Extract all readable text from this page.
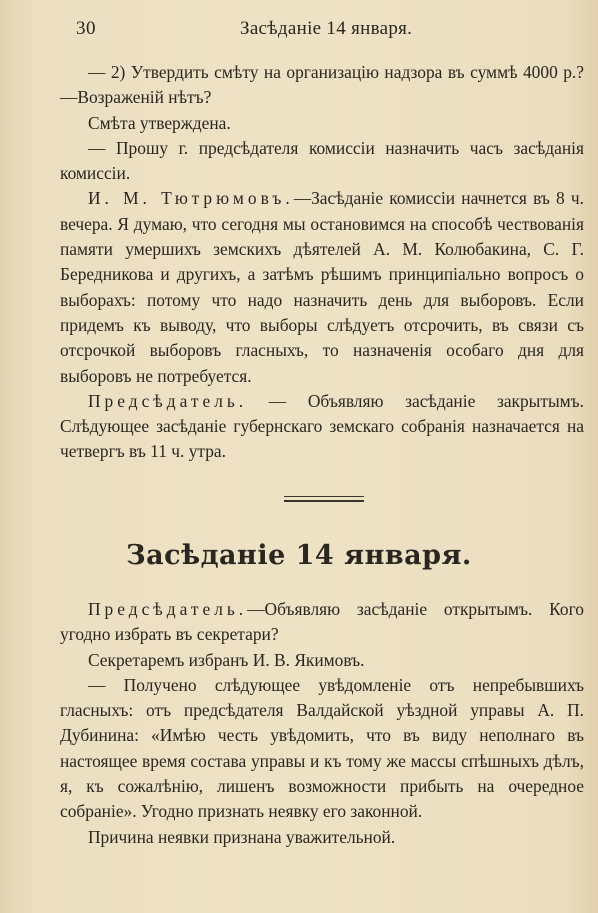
30	Засѣданіе 14 января.

— 2) Утвердить смѣту на организацію надзора въ суммѣ 4000 р.?—Возраженій нѣтъ?

Смѣта утверждена.

— Прошу г. предсѣдателя комиссіи назначить часъ засѣданія комиссіи.

И. М. Тютрюмовъ.—Засѣданіе комиссіи начнется въ 8 ч. вечера. Я думаю, что сегодня мы остановимся на способѣ чествованія памяти умершихъ земскихъ дѣятелей А. М. Колюбакина, С. Г. Бередникова и другихъ, а затѣмъ рѣшимъ принципіально вопросъ о выборахъ: потому что надо назначить день для выборовъ. Если придемъ къ выводу, что выборы слѣдуетъ отсрочить, въ связи съ отсрочкой выборовъ гласныхъ, то назначенія особаго дня для выборовъ не потребуется.

Предсѣдатель. — Объявляю засѣданіе закрытымъ. Слѣдующее засѣданіе губернскаго земскаго собранія назначается на четвергъ въ 11 ч. утра.

Засѣданіе 14 января.

Предсѣдатель.—Объявляю засѣданіе открытымъ. Кого угодно избрать въ секретари?

Секретаремъ избранъ И. В. Якимовъ.

— Получено слѣдующее увѣдомленіе отъ непребывшихъ гласныхъ: отъ предсѣдателя Валдайской уѣздной управы А. П. Дубинина: «Имѣю честь увѣдомить, что въ виду неполнаго въ настоящее время состава управы и къ тому же массы спѣшныхъ дѣлъ, я, къ сожалѣнію, лишенъ возможности прибыть на очередное собраніе». Угодно признать неявку его законной.

Причина неявки признана уважительной.
